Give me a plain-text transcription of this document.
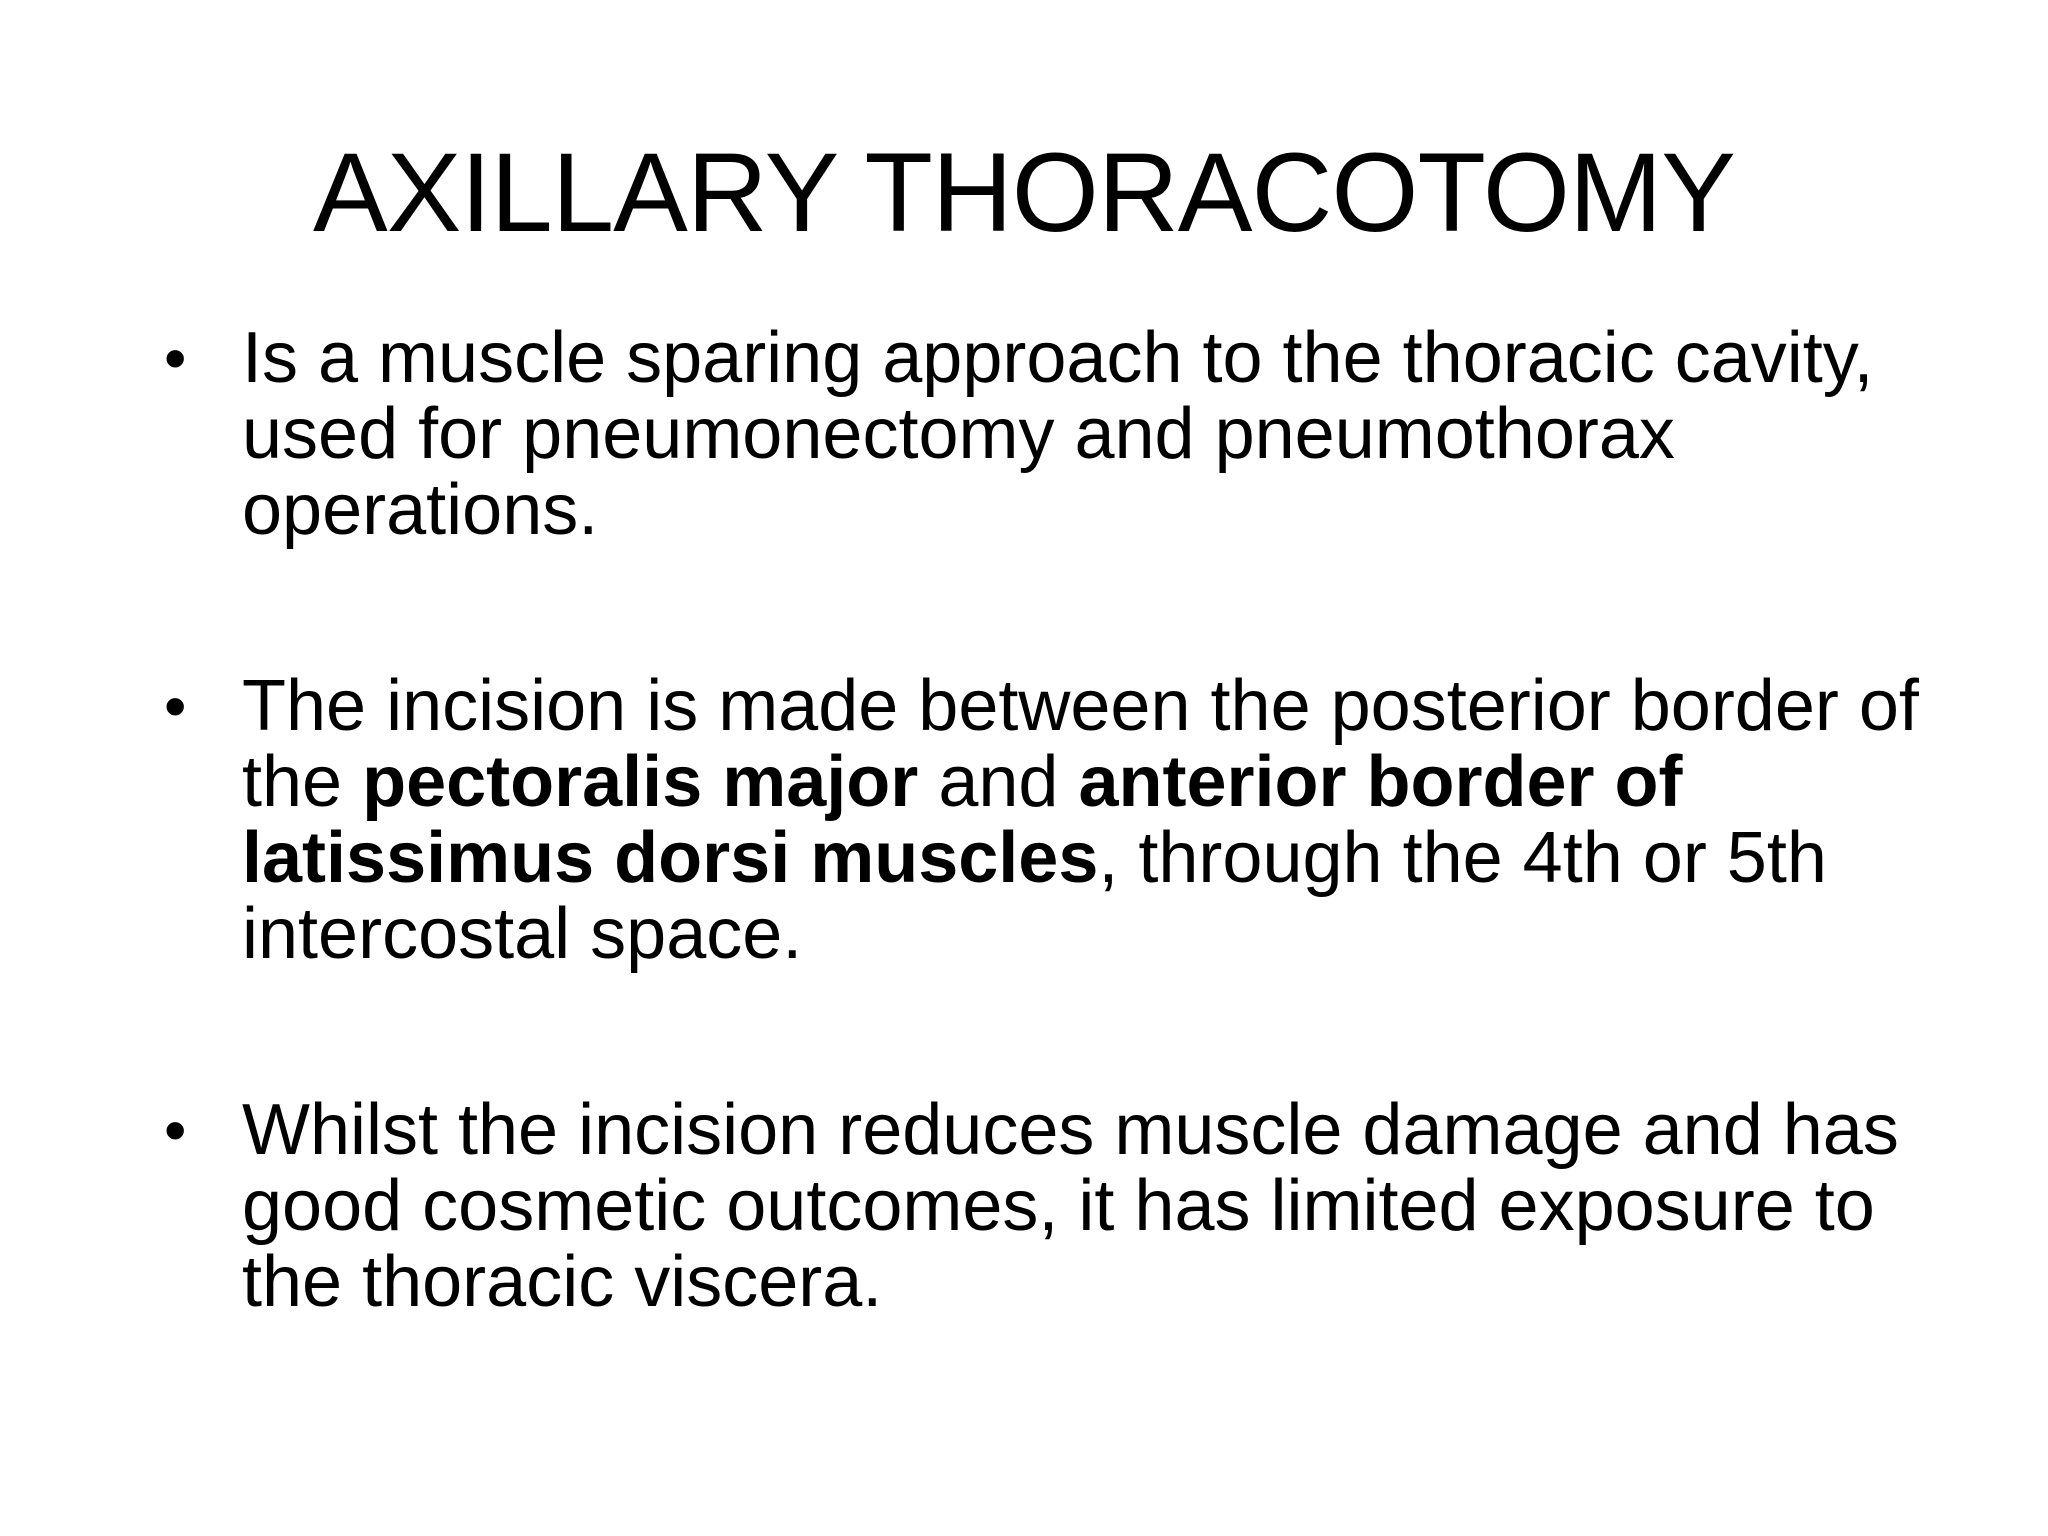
AXILLARY THORACOTOMY
• Is a muscle sparing approach to the thoracic cavity, used for pneumonectomy and pneumothorax operations.
• The incision is made between the posterior border of the pectoralis major and anterior border of latissimus dorsi muscles, through the 4th or 5th intercostal space.
• Whilst the incision reduces muscle damage and has good cosmetic outcomes, it has limited exposure to the thoracic viscera.
